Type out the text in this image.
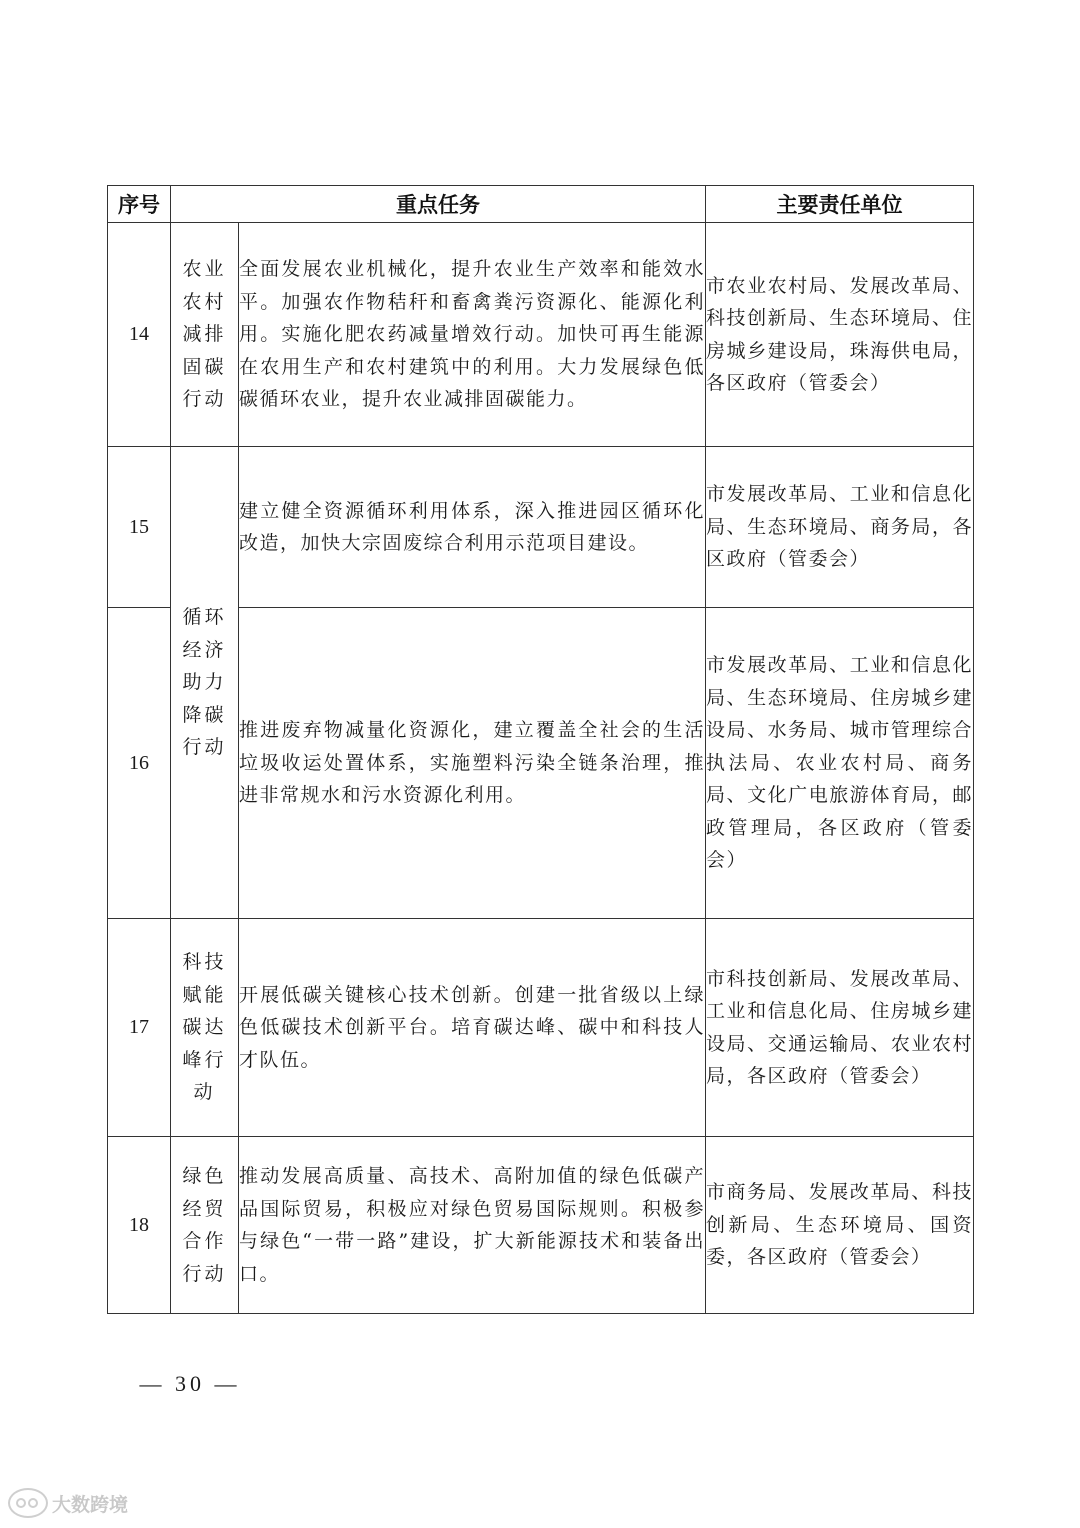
序号	重点任务		主要责任单位
14	农业农村减排固碳行动	全面发展农业机械化，提升农业生产效率和能效水平。加强农作物秸秆和畜禽粪污资源化、能源化利用。实施化肥农药减量增效行动。加快可再生能源在农用生产和农村建筑中的利用。大力发展绿色低碳循环农业，提升农业减排固碳能力。	市农业农村局、发展改革局、科技创新局、生态环境局、住房城乡建设局，珠海供电局，各区政府（管委会）
15	循环经济助力降碳行动	建立健全资源循环利用体系，深入推进园区循环化改造，加快大宗固废综合利用示范项目建设。	市发展改革局、工业和信息化局、生态环境局、商务局，各区政府（管委会）
16		推进废弃物减量化资源化，建立覆盖全社会的生活垃圾收运处置体系，实施塑料污染全链条治理，推进非常规水和污水资源化利用。	市发展改革局、工业和信息化局、生态环境局、住房城乡建设局、水务局、城市管理综合执法局、农业农村局、商务局、文化广电旅游体育局，邮政管理局，各区政府（管委会）
17	科技赋能碳达峰行动	开展低碳关键核心技术创新。创建一批省级以上绿色低碳技术创新平台。培育碳达峰、碳中和科技人才队伍。	市科技创新局、发展改革局、工业和信息化局、住房城乡建设局、交通运输局、农业农村局，各区政府（管委会）
18	绿色经贸合作行动	推动发展高质量、高技术、高附加值的绿色低碳产品国际贸易，积极应对绿色贸易国际规则。积极参与绿色“一带一路”建设，扩大新能源技术和装备出口。	市商务局、发展改革局、科技创新局、生态环境局、国资委，各区政府（管委会）
— 30 —
大数跨境
